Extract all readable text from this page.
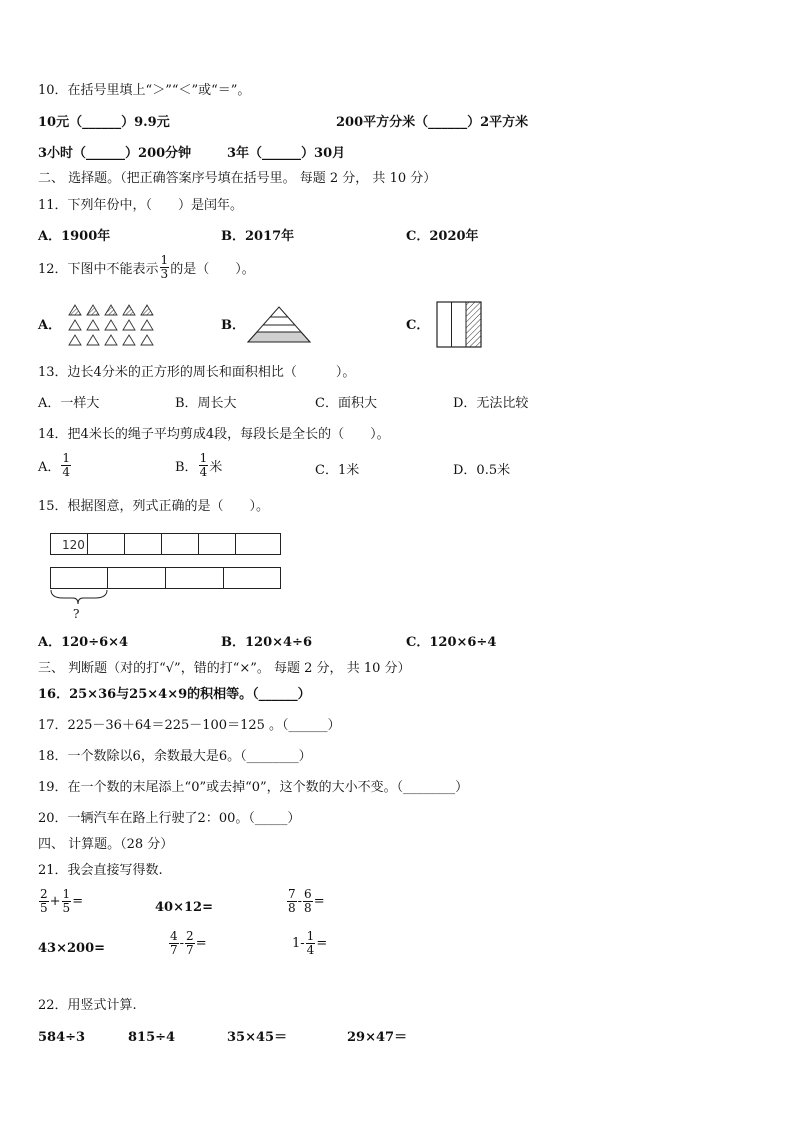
10．在括号里填上“＞”“＜”或“＝”。
10元（______）9.9元	200平方分米（______）2平方米
3小时（______）200分钟	3年（______）30月
二、 选择题。（把正确答案序号填在括号里。 每题 2 分， 共 10 分）
11．下列年份中，（　　）是闰年。
A．1900年	B．2017年	C．2020年
12．下图中不能表示 $\frac{1}{3}$ 的是（　　）。
A．	B．	C．
13．边长4分米的正方形的周长和面积相比（　　　）。
A．一样大	B．周长大	C．面积大	D．无法比较
14．把4米长的绳子平均剪成4段，每段长是全长的（　　）。
A． $\frac{1}{4}$	B． $\frac{1}{4}$ 米	C．1米	D．0.5米
15．根据图意，列式正确的是（　　）。
120
?
A．120÷6×4	B．120×4÷6	C．120×6÷4
三、 判断题（对的打“√”，错的打“×”。 每题 2 分， 共 10 分）
16．25×36与25×4×9的积相等。（______）
17．225－36＋64＝225－100＝125 。（______）
18．一个数除以6，余数最大是6。（________）
19．在一个数的末尾添上“0”或去掉“0”，这个数的大小不变。（________）
20．一辆汽车在路上行驶了2：00。（_____）
四、 计算题。（28 分）
21．我会直接写得数.
$\frac{2}{5} + \frac{1}{5}$ =	40×12=	$\frac{7}{8} - \frac{6}{8}$ =
43×200=	$\frac{4}{7} - \frac{2}{7}$ =	$1- \frac{1}{4}$ =
22．用竖式计算.
584÷3	815÷4	35×45＝	29×47＝
